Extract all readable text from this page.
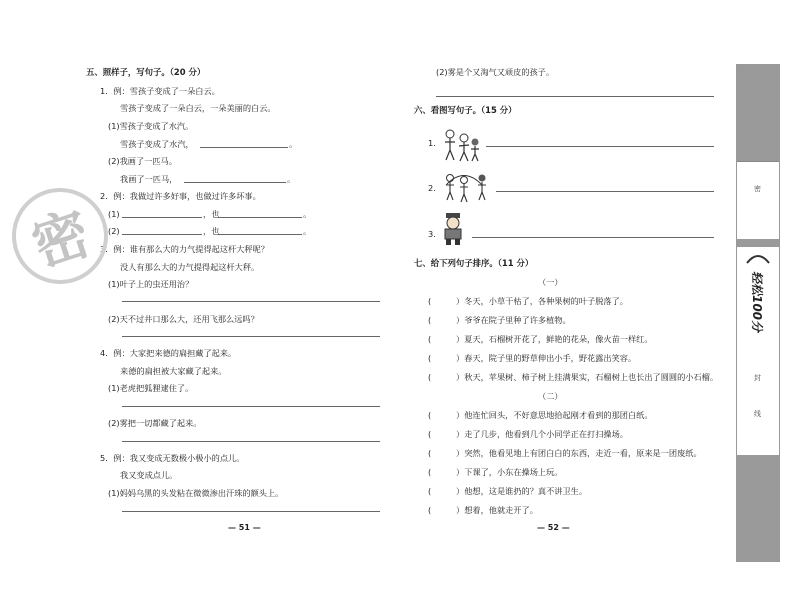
五、照样子，写句子。（20 分）
1．例：雪孩子变成了一朵白云。
雪孩子变成了一朵白云，一朵美丽的白云。
(1)雪孩子变成了水汽。
雪孩子变成了水汽，	。
(2)我画了一匹马。
我画了一匹马，	。
2．例：我做过许多好事，也做过许多坏事。
(1)	，也	。
(2)	，也	。
3．例：谁有那么大的力气提得起这杆大秤呢？
没人有那么大的力气提得起这杆大秤。
(1)叶子上的虫还用治？
(2)天不过井口那么大，还用飞那么远吗？
4．例：大家把来德的扁担藏了起来。
来德的扁担被大家藏了起来。
(1)老虎把狐狸逮住了。
(2)雾把一切都藏了起来。
5．例：我又变成无数极小极小的点儿。
我又变成点儿。
(1)妈妈乌黑的头发粘在微微渗出汗珠的额头上。
— 51 —
密
(2)雾是个又淘气又顽皮的孩子。
六、看图写句子。（15 分）
1.
2.
3.
七、给下列句子排序。（11 分）
（一）
(	）冬天，小草干枯了，各种果树的叶子脱落了。
(	）爷爷在院子里种了许多植物。
(	）夏天，石榴树开花了，鲜艳的花朵，像火苗一样红。
(	）春天，院子里的野草伸出小手，野花露出笑容。
(	）秋天，苹果树、柿子树上挂满果实，石榴树上也长出了圆圆的小石榴。
（二）
(	）他连忙回头，不好意思地拾起刚才看到的那团白纸。
(	）走了几步，他看到几个小同学正在打扫操场。
(	）突然，他看见地上有团白白的东西，走近一看，原来是一团废纸。
(	）下课了，小东在操场上玩。
(	）他想，这是谁扔的？真不讲卫生。
(	）想着，他就走开了。
— 52 —
密
轻松100分
封
线
